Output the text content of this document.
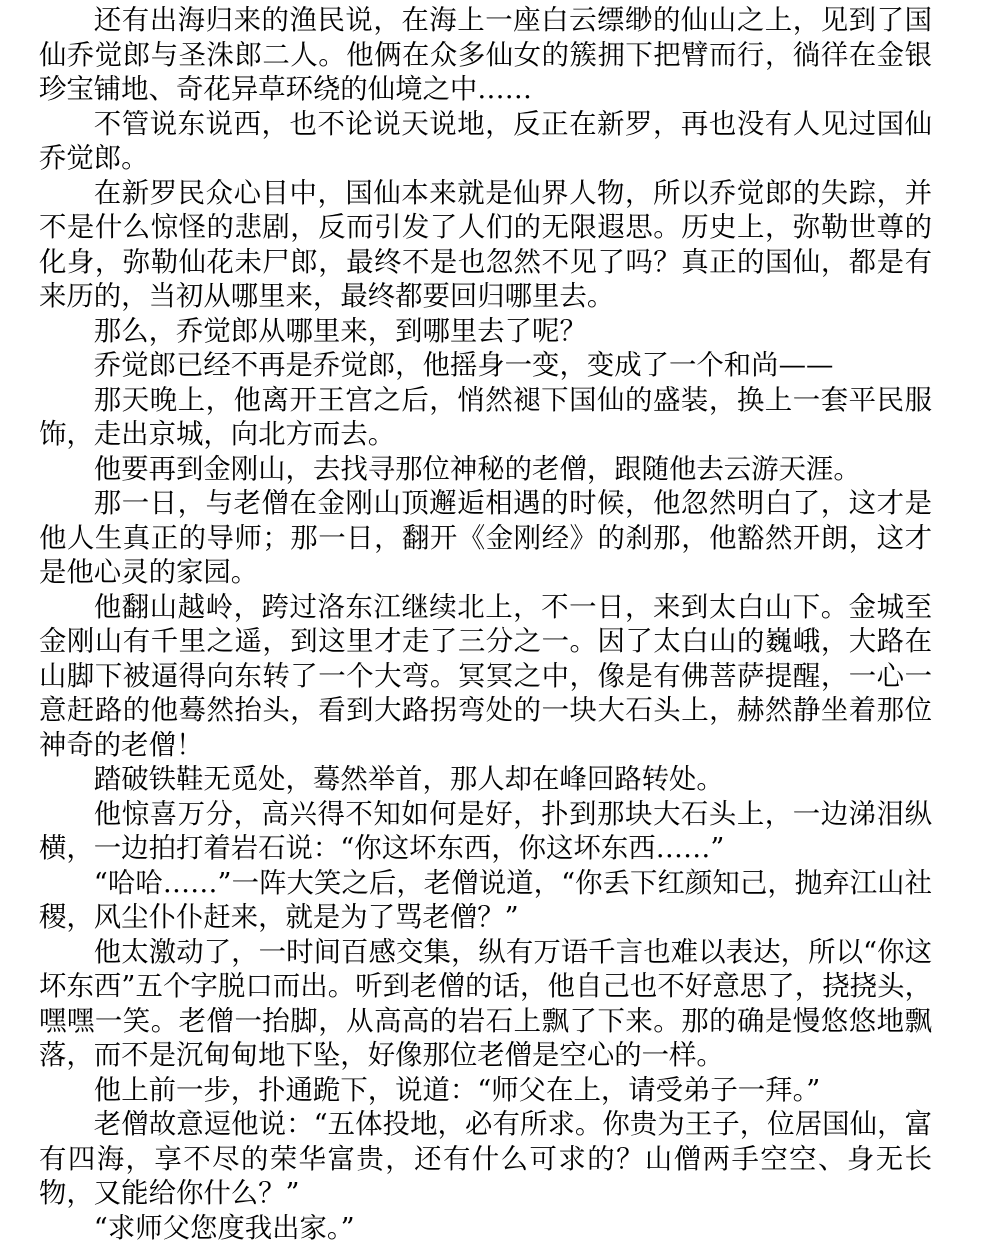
还有出海归来的渔民说，在海上一座白云缥缈的仙山之上，见到了国仙乔觉郎与圣洙郎二人。他俩在众多仙女的簇拥下把臂而行，徜徉在金银珍宝铺地、奇花异草环绕的仙境之中……

不管说东说西，也不论说天说地，反正在新罗，再也没有人见过国仙乔觉郎。

在新罗民众心目中，国仙本来就是仙界人物，所以乔觉郎的失踪，并不是什么惊怪的悲剧，反而引发了人们的无限遐思。历史上，弥勒世尊的化身，弥勒仙花未尸郎，最终不是也忽然不见了吗？真正的国仙，都是有来历的，当初从哪里来，最终都要回归哪里去。

那么，乔觉郎从哪里来，到哪里去了呢？

乔觉郎已经不再是乔觉郎，他摇身一变，变成了一个和尚——

那天晚上，他离开王宫之后，悄然褪下国仙的盛装，换上一套平民服饰，走出京城，向北方而去。

他要再到金刚山，去找寻那位神秘的老僧，跟随他去云游天涯。

那一日，与老僧在金刚山顶邂逅相遇的时候，他忽然明白了，这才是他人生真正的导师；那一日，翻开《金刚经》的刹那，他豁然开朗，这才是他心灵的家园。

他翻山越岭，跨过洛东江继续北上，不一日，来到太白山下。金城至金刚山有千里之遥，到这里才走了三分之一。因了太白山的巍峨，大路在山脚下被逼得向东转了一个大弯。冥冥之中，像是有佛菩萨提醒，一心一意赶路的他蓦然抬头，看到大路拐弯处的一块大石头上，赫然静坐着那位神奇的老僧！

踏破铁鞋无觅处，蓦然举首，那人却在峰回路转处。

他惊喜万分，高兴得不知如何是好，扑到那块大石头上，一边涕泪纵横，一边拍打着岩石说：“你这坏东西，你这坏东西……”

“哈哈……”一阵大笑之后，老僧说道，“你丢下红颜知己，抛弃江山社稷，风尘仆仆赶来，就是为了骂老僧？”

他太激动了，一时间百感交集，纵有万语千言也难以表达，所以“你这坏东西”五个字脱口而出。听到老僧的话，他自己也不好意思了，挠挠头，嘿嘿一笑。老僧一抬脚，从高高的岩石上飘了下来。那的确是慢悠悠地飘落，而不是沉甸甸地下坠，好像那位老僧是空心的一样。

他上前一步，扑通跪下，说道：“师父在上，请受弟子一拜。”

老僧故意逗他说：“五体投地，必有所求。你贵为王子，位居国仙，富有四海，享不尽的荣华富贵，还有什么可求的？山僧两手空空、身无长物，又能给你什么？”

“求师父您度我出家。”
